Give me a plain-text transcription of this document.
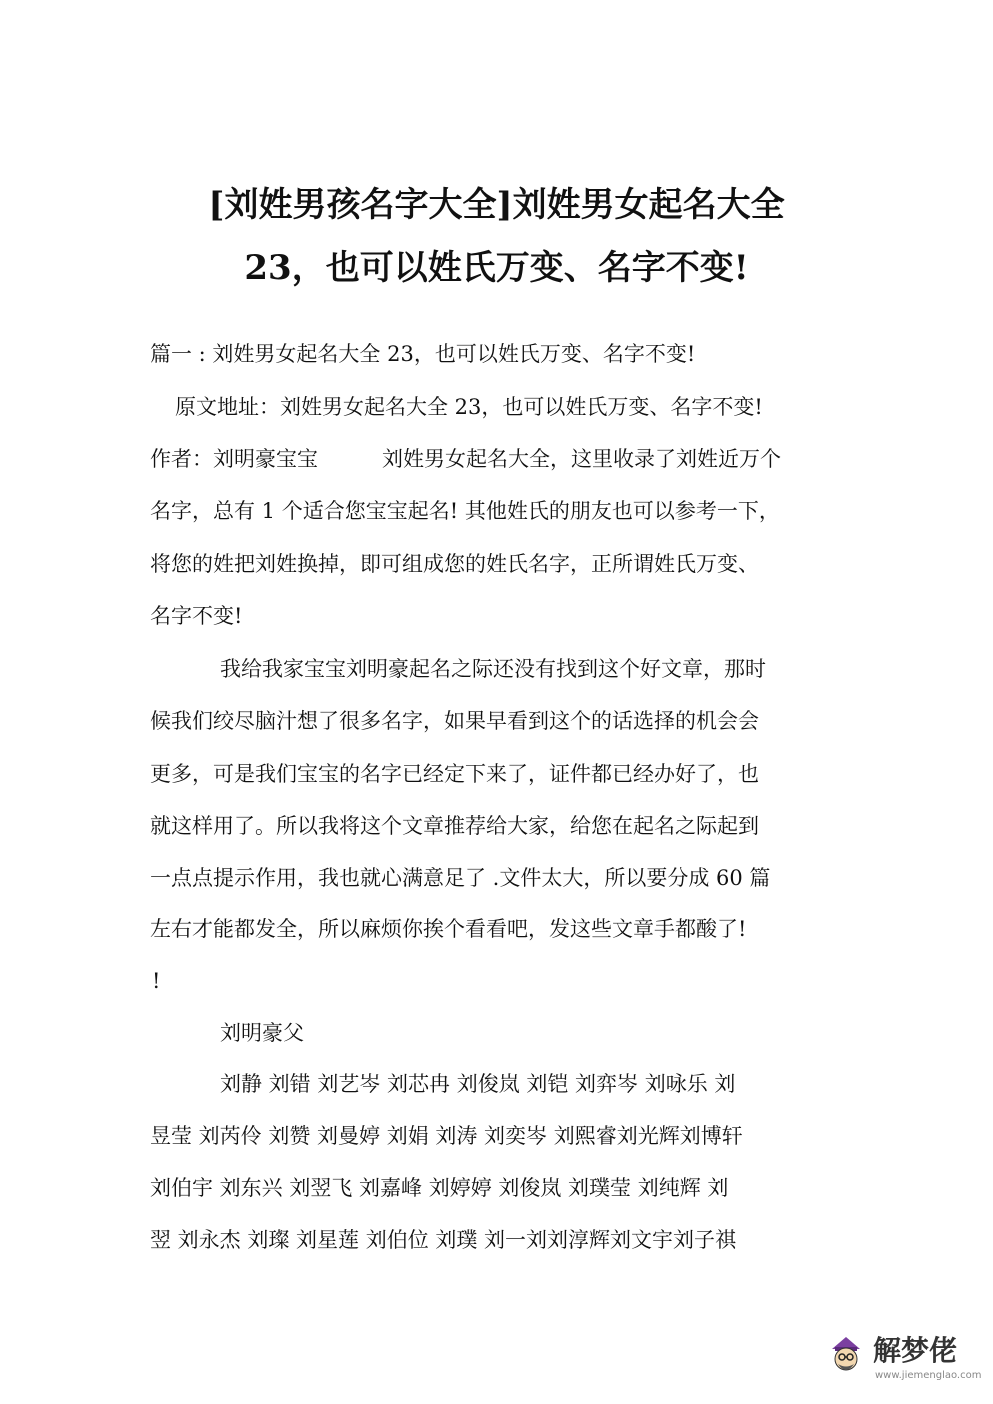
[刘姓男孩名字大全]刘姓男女起名大全
23，也可以姓氏万变、名字不变!
篇一 : 刘姓男女起名大全 23，也可以姓氏万变、名字不变!
原文地址：刘姓男女起名大全 23，也可以姓氏万变、名字不变!
作者：刘明豪宝宝	刘姓男女起名大全，这里收录了刘姓近万个
名字，总有 1 个适合您宝宝起名! 其他姓氏的朋友也可以参考一下，
将您的姓把刘姓换掉，即可组成您的姓氏名字，正所谓姓氏万变、
名字不变!
我给我家宝宝刘明豪起名之际还没有找到这个好文章，那时
候我们绞尽脑汁想了很多名字，如果早看到这个的话选择的机会会
更多，可是我们宝宝的名字已经定下来了，证件都已经办好了，也
就这样用了。所以我将这个文章推荐给大家，给您在起名之际起到
一点点提示作用，我也就心满意足了 .文件太大，所以要分成 60 篇
左右才能都发全，所以麻烦你挨个看看吧，发这些文章手都酸了!
!
刘明豪父
刘静 刘错 刘艺岑 刘芯冉 刘俊岚 刘铠 刘弈岑 刘咏乐 刘
昱莹 刘芮伶 刘赞 刘曼婷 刘娟 刘涛 刘奕岑 刘熙睿刘光辉刘博轩
刘伯宇 刘东兴 刘翌飞 刘嘉峰 刘婷婷 刘俊岚 刘璞莹 刘纯辉 刘
翌 刘永杰 刘璨 刘星莲 刘伯位 刘璞 刘一刘刘淳辉刘文宇刘子祺
解梦佬
www.jiemenglao.com
